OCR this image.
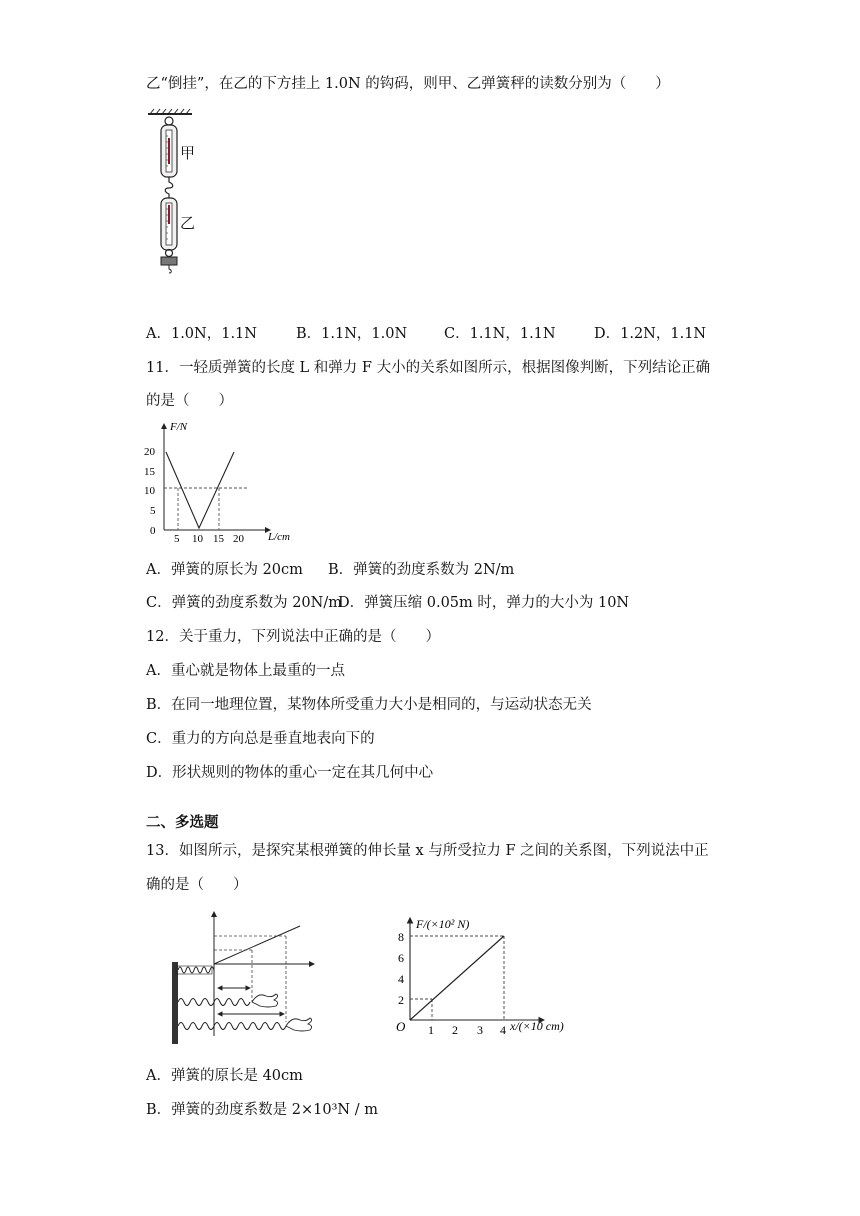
乙“倒挂”，在乙的下方挂上 1.0N 的钩码，则甲、乙弹簧秤的读数分别为（　　）
甲
乙
A．1.0N，1.1N	B．1.1N，1.0N	C．1.1N，1.1N	D．1.2N，1.1N
11．一轻质弹簧的长度 L 和弹力 F 大小的关系如图所示，根据图像判断，下列结论正确
的是（　　）
F/N
L/cm
20
15
10
5
0
5 10 15 20
A．弹簧的原长为 20cm B．弹簧的劲度系数为 2N/m
C．弹簧的劲度系数为 20N/m
D．弹簧压缩 0.05m 时，弹力的大小为 10N
12．关于重力，下列说法中正确的是（　　）
A．重心就是物体上最重的一点
B．在同一地理位置，某物体所受重力大小是相同的，与运动状态无关
C．重力的方向总是垂直地表向下的
D．形状规则的物体的重心一定在其几何中心
二、多选题
13．如图所示，是探究某根弹簧的伸长量 x 与所受拉力 F 之间的关系图，下列说法中正
确的是（　　）
F/(×10² N)
x/(×10 cm)
O
8
6
4
2
1 2 3 4
A．弹簧的原长是 40cm
B．弹簧的劲度系数是 2×10³N / m
